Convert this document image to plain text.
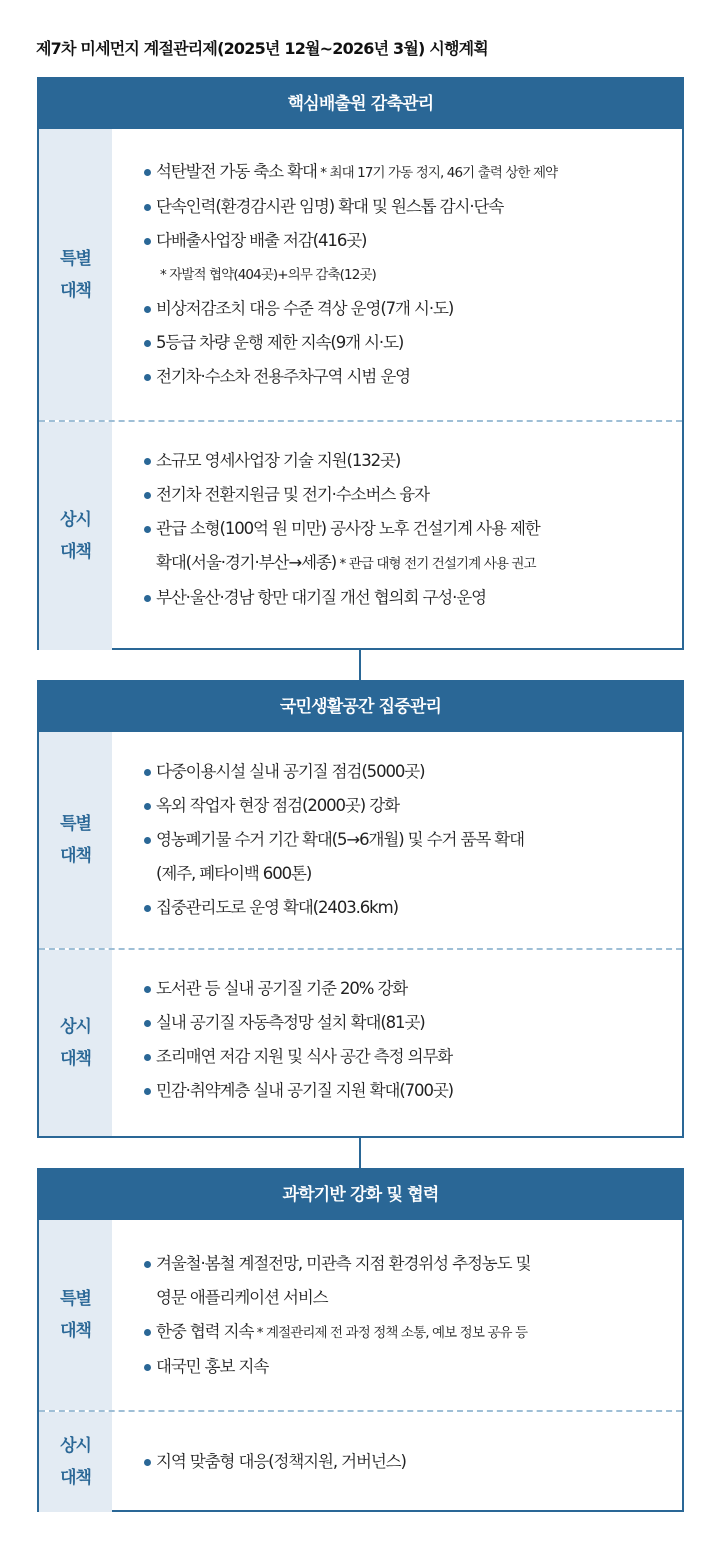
제7차 미세먼지 계절관리제(2025년 12월~2026년 3월) 시행계획
핵심배출원 감축관리
특별
대책
석탄발전 가동 축소 확대 * 최대 17기 가동 정지, 46기 출력 상한 제약
단속인력(환경감시관 임명) 확대 및 원스톱 감시·단속
다배출사업장 배출 저감(416곳)
* 자발적 협약(404곳)+의무 감축(12곳)
비상저감조치 대응 수준 격상 운영(7개 시·도)
5등급 차량 운행 제한 지속(9개 시·도)
전기차·수소차 전용주차구역 시범 운영
상시
대책
소규모 영세사업장 기술 지원(132곳)
전기차 전환지원금 및 전기·수소버스 융자
관급 소형(100억 원 미만) 공사장 노후 건설기계 사용 제한
확대(서울·경기·부산→세종) * 관급 대형 전기 건설기계 사용 권고
부산·울산·경남 항만 대기질 개선 협의회 구성·운영
국민생활공간 집중관리
특별
대책
다중이용시설 실내 공기질 점검(5000곳)
옥외 작업자 현장 점검(2000곳) 강화
영농폐기물 수거 기간 확대(5→6개월) 및 수거 품목 확대
(제주, 폐타이백 600톤)
집중관리도로 운영 확대(2403.6km)
상시
대책
도서관 등 실내 공기질 기준 20% 강화
실내 공기질 자동측정망 설치 확대(81곳)
조리매연 저감 지원 및 식사 공간 측정 의무화
민감·취약계층 실내 공기질 지원 확대(700곳)
과학기반 강화 및 협력
특별
대책
겨울철·봄철 계절전망, 미관측 지점 환경위성 추정농도 및
영문 애플리케이션 서비스
한중 협력 지속 * 계절관리제 전 과정 정책 소통, 예보 정보 공유 등
대국민 홍보 지속
상시
대책
지역 맞춤형 대응(정책지원, 거버넌스)
